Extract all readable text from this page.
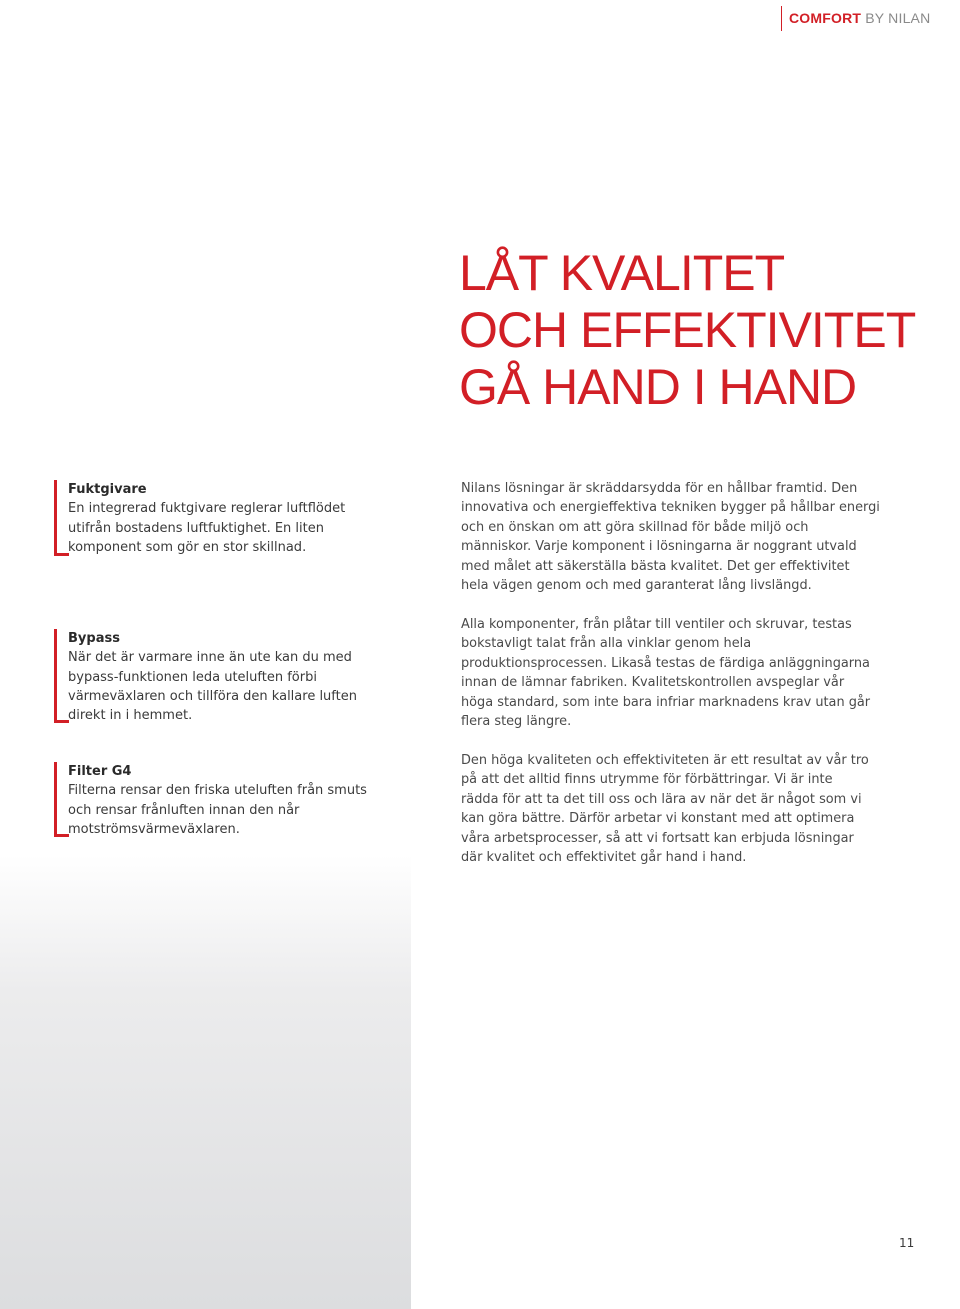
COMFORT BY NILAN
LÅT KVALITET
OCH EFFEKTIVITET
GÅ HAND I HAND
Fuktgivare
En integrerad fuktgivare reglerar luftflödet utifrån bostadens luftfuktighet. En liten komponent som gör en stor skillnad.
Bypass
När det är varmare inne än ute kan du med bypass-funktionen leda uteluften förbi värmeväxlaren och tillföra den kallare luften direkt in i hemmet.
Filter G4
Filterna rensar den friska uteluften från smuts och rensar frånluften innan den når motströmsvärmeväxlaren.

Nilans lösningar är skräddarsydda för en hållbar framtid. Den innovativa och energieffektiva tekniken bygger på hållbar energi och en önskan om att göra skillnad för både miljö och människor. Varje komponent i lösningarna är noggrant utvald med målet att säkerställa bästa kvalitet. Det ger effektivitet hela vägen genom och med garanterat lång livslängd.

Alla komponenter, från plåtar till ventiler och skruvar, testas bokstavligt talat från alla vinklar genom hela produktionsprocessen. Likaså testas de färdiga anläggningarna innan de lämnar fabriken. Kvalitetskontrollen avspeglar vår höga standard, som inte bara infriar marknadens krav utan går flera steg längre.

Den höga kvaliteten och effektiviteten är ett resultat av vår tro på att det alltid finns utrymme för förbättringar. Vi är inte rädda för att ta det till oss och lära av när det är något som vi kan göra bättre. Därför arbetar vi konstant med att optimera våra arbetsprocesser, så att vi fortsatt kan erbjuda lösningar där kvalitet och effektivitet går hand i hand.

11
